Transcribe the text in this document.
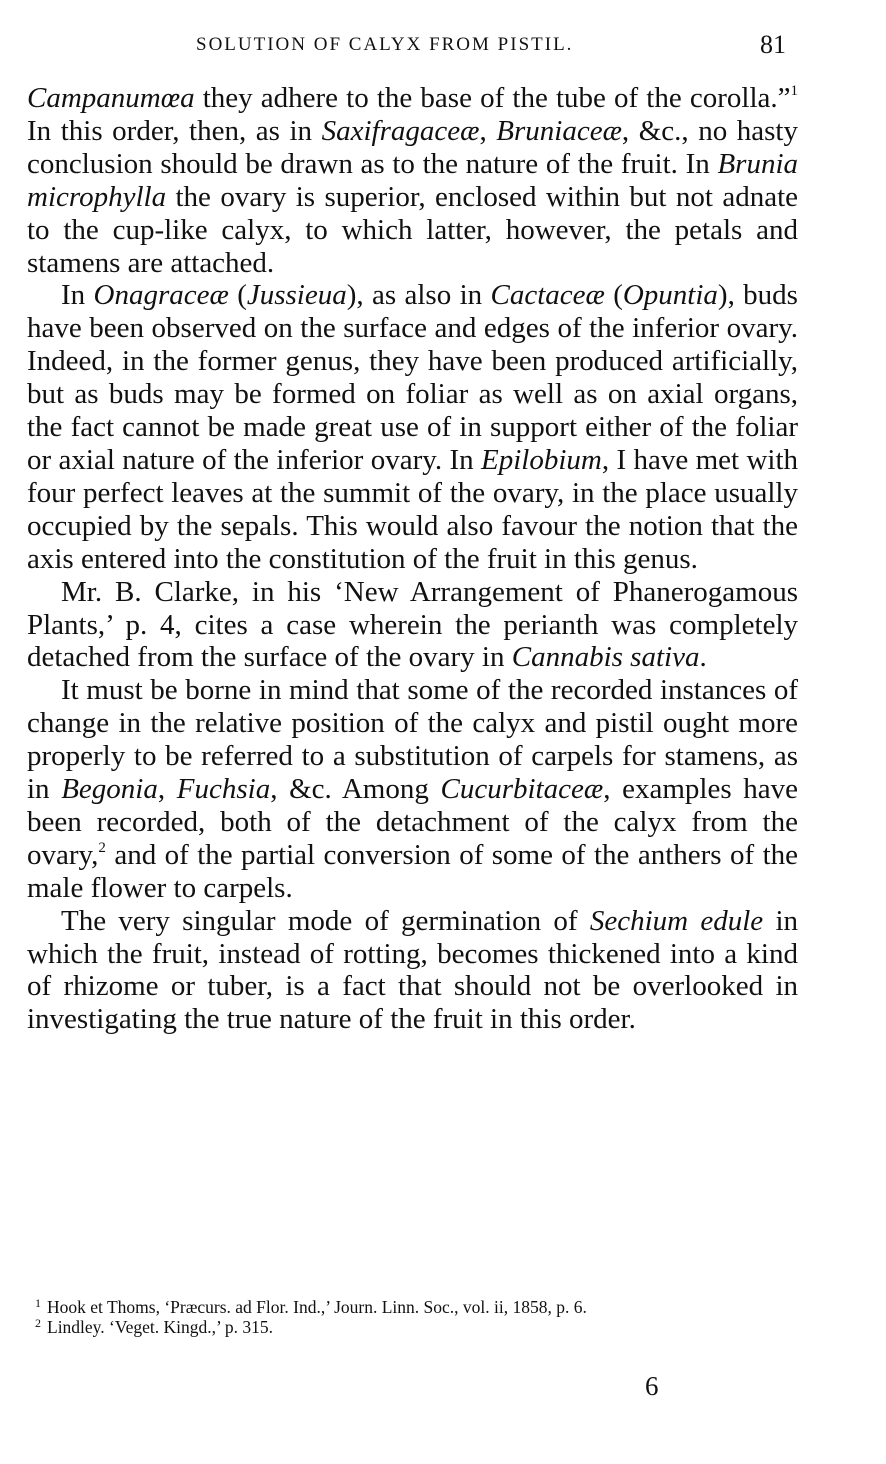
SOLUTION OF CALYX FROM PISTIL.	81

Campanumœa they adhere to the base of the tube of the corolla.”$^1$ In this order, then, as in Saxifragaceæ, Bruniaceæ, &c., no hasty conclusion should be drawn as to the nature of the fruit. In Brunia microphylla the ovary is superior, enclosed within but not adnate to the cup-like calyx, to which latter, however, the petals and stamens are attached.

In Onagraceæ (Jussieua), as also in Cactaceæ (Opuntia), buds have been observed on the surface and edges of the inferior ovary. Indeed, in the former genus, they have been produced artificially, but as buds may be formed on foliar as well as on axial organs, the fact cannot be made great use of in support either of the foliar or axial nature of the inferior ovary. In Epilobium, I have met with four perfect leaves at the summit of the ovary, in the place usually occupied by the sepals. This would also favour the notion that the axis entered into the constitution of the fruit in this genus.

Mr. B. Clarke, in his ‘New Arrangement of Phanerogamous Plants,’ p. 4, cites a case wherein the perianth was completely detached from the surface of the ovary in Cannabis sativa.

It must be borne in mind that some of the recorded instances of change in the relative position of the calyx and pistil ought more properly to be referred to a substitution of carpels for stamens, as in Begonia, Fuchsia, &c. Among Cucurbitaceæ, examples have been recorded, both of the detachment of the calyx from the ovary,$^2$ and of the partial conversion of some of the anthers of the male flower to carpels.

The very singular mode of germination of Sechium edule in which the fruit, instead of rotting, becomes thickened into a kind of rhizome or tuber, is a fact that should not be overlooked in investigating the true nature of the fruit in this order.

$^1$ Hook et Thoms, ‘Præcurs. ad Flor. Ind.,’ Journ. Linn. Soc., vol. ii, 1858, p. 6.

$^2$ Lindley. ‘Veget. Kingd.,’ p. 315.

6
